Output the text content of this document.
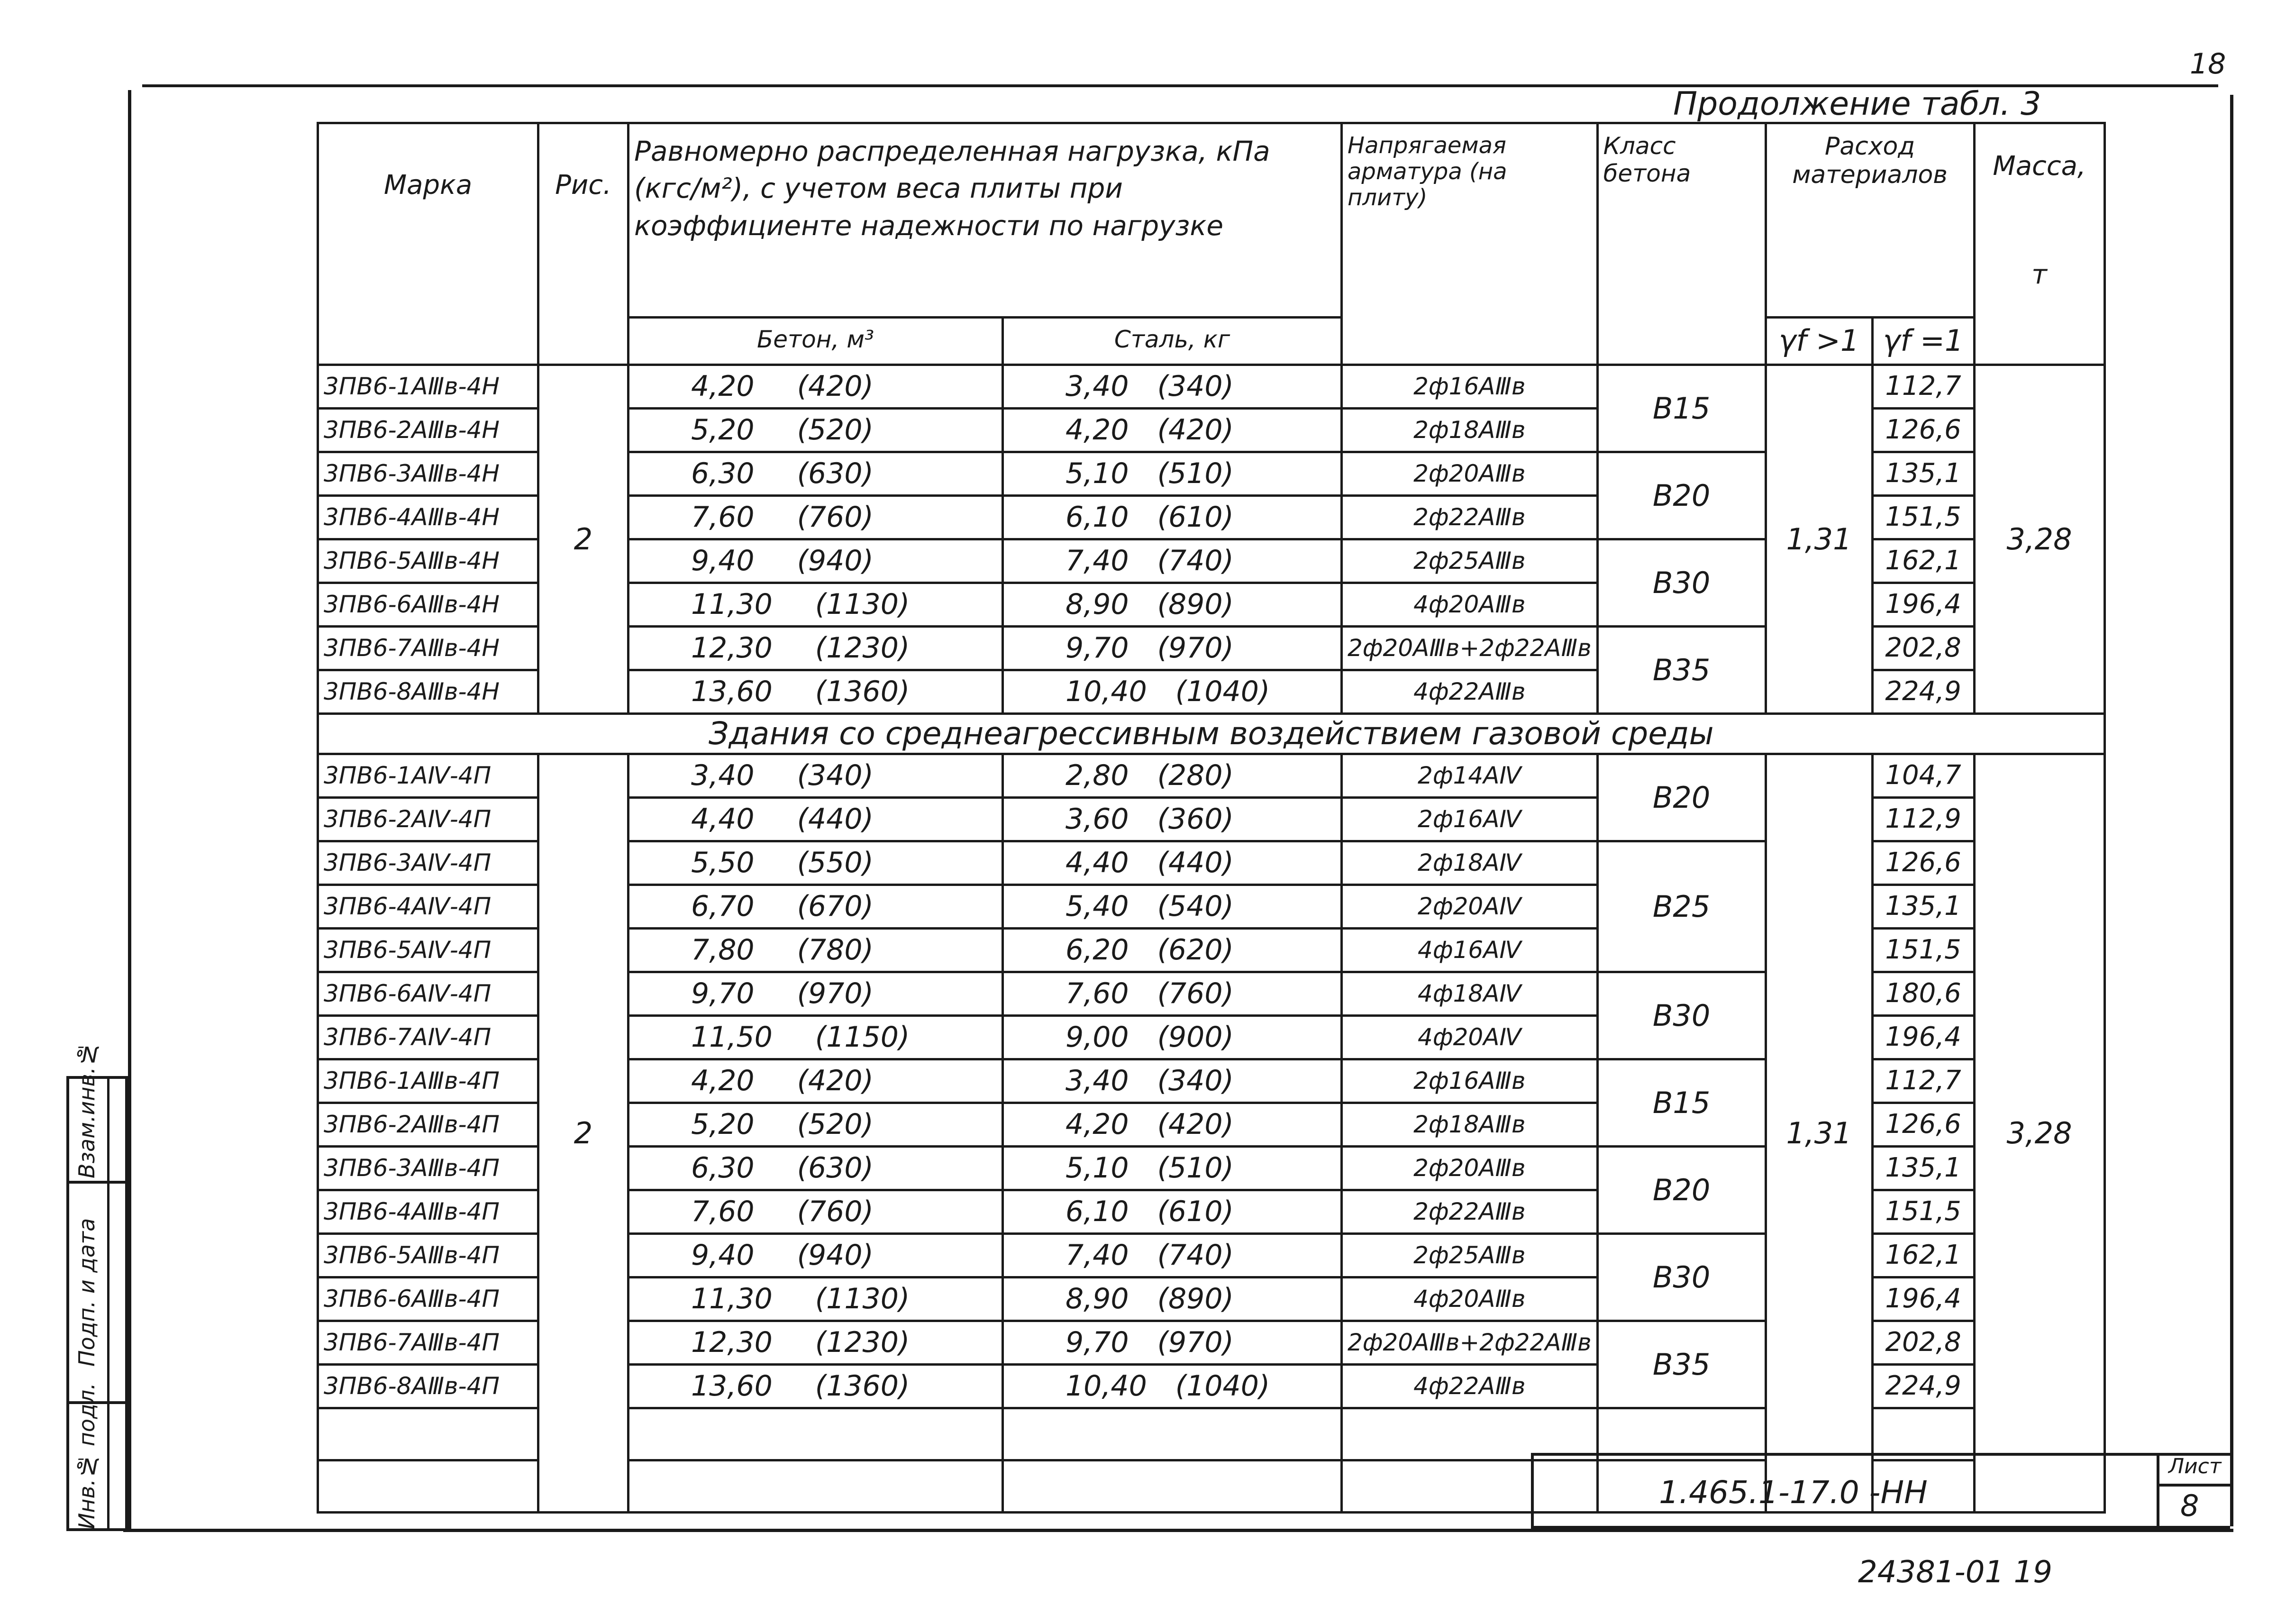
18
Продолжение табл. 3
24381-01 19
Взам.инв.№
Подп. и дата
Инв.№ подл.	1.465.1-17.0 -НН
Лист
8
Марка	Рис.	Равномерно распределенная нагрузка, кПа (кгс/м²), с учетом веса плиты при коэффициенте надежности по нагрузке		Напрягаемая арматура (на плиту)	Класс бетона	Расход материалов		Масса,
т

		Бетон, м³	Сталь, кг					
						γf >1	γf =1	
3ПВ6-1АⅢв-4Н	2	4,20 (420)	3,40 (340)	2ф16АⅢв	В15	1,31	112,7	3,28
3ПВ6-2АⅢв-4Н		5,20 (520)	4,20 (420)	2ф18АⅢв			126,6	
3ПВ6-3АⅢв-4Н		6,30 (630)	5,10 (510)	2ф20АⅢв	В20		135,1	
3ПВ6-4АⅢв-4Н		7,60 (760)	6,10 (610)	2ф22АⅢв			151,5	
3ПВ6-5АⅢв-4Н		9,40 (940)	7,40 (740)	2ф25АⅢв	В30		162,1	
3ПВ6-6АⅢв-4Н		11,30 (1130)	8,90 (890)	4ф20АⅢв			196,4	
3ПВ6-7АⅢв-4Н		12,30 (1230)	9,70 (970)	2ф20АⅢв+2ф22АⅢв	В35		202,8	
3ПВ6-8АⅢв-4Н		13,60 (1360)	10,40 (1040)	4ф22АⅢв			224,9	
Здания со среднеагрессивным воздействием газовой среды								
3ПВ6-1АⅣ-4П	2	3,40 (340)	2,80 (280)	2ф14АⅣ	В20	1,31	104,7	3,28
3ПВ6-2АⅣ-4П		4,40 (440)	3,60 (360)	2ф16АⅣ			112,9	
3ПВ6-3АⅣ-4П		5,50 (550)	4,40 (440)	2ф18АⅣ	В25		126,6	
3ПВ6-4АⅣ-4П		6,70 (670)	5,40 (540)	2ф20АⅣ			135,1	
3ПВ6-5АⅣ-4П		7,80 (780)	6,20 (620)	4ф16АⅣ			151,5	
3ПВ6-6АⅣ-4П		9,70 (970)	7,60 (760)	4ф18АⅣ	В30		180,6	
3ПВ6-7АⅣ-4П		11,50 (1150)	9,00 (900)	4ф20АⅣ			196,4	
3ПВ6-1АⅢв-4П		4,20 (420)	3,40 (340)	2ф16АⅢв	В15		112,7	
3ПВ6-2АⅢв-4П		5,20 (520)	4,20 (420)	2ф18АⅢв			126,6	
3ПВ6-3АⅢв-4П		6,30 (630)	5,10 (510)	2ф20АⅢв	В20		135,1	
3ПВ6-4АⅢв-4П		7,60 (760)	6,10 (610)	2ф22АⅢв			151,5	
3ПВ6-5АⅢв-4П		9,40 (940)	7,40 (740)	2ф25АⅢв	В30		162,1	
3ПВ6-6АⅢв-4П		11,30 (1130)	8,90 (890)	4ф20АⅢв			196,4	
3ПВ6-7АⅢв-4П		12,30 (1230)	9,70 (970)	2ф20АⅢв+2ф22АⅢв	В35		202,8	
3ПВ6-8АⅢв-4П		13,60 (1360)	10,40 (1040)	4ф22АⅢв			224,9	
